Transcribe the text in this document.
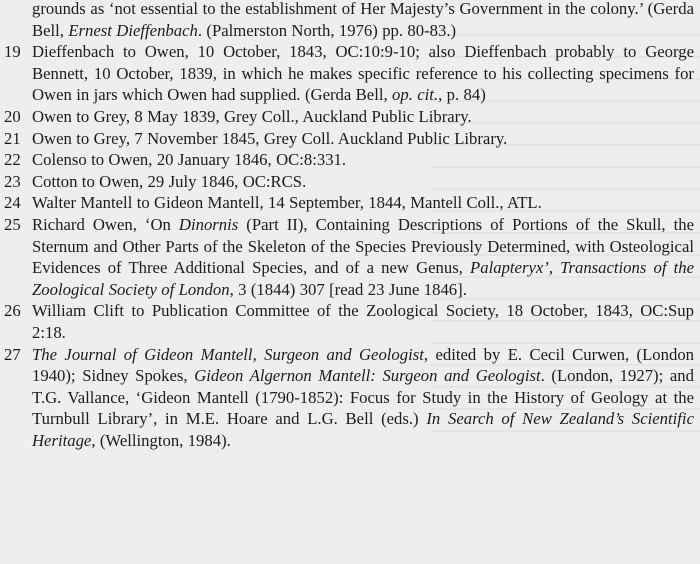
grounds as ‘not essential to the establishment of Her Majesty’s Government in the colony.’ (Gerda Bell, Ernest Dieffenbach. (Palmerston North, 1976) pp. 80-83.)
19 Dieffenbach to Owen, 10 October, 1843, OC:10:9-10; also Dieffenbach probably to George Bennett, 10 October, 1839, in which he makes specific reference to his collecting specimens for Owen in jars which Owen had supplied. (Gerda Bell, op. cit., p. 84)
20 Owen to Grey, 8 May 1839, Grey Coll., Auckland Public Library.
21 Owen to Grey, 7 November 1845, Grey Coll. Auckland Public Library.
22 Colenso to Owen, 20 January 1846, OC:8:331.
23 Cotton to Owen, 29 July 1846, OC:RCS.
24 Walter Mantell to Gideon Mantell, 14 September, 1844, Mantell Coll., ATL.
25 Richard Owen, ‘On Dinornis (Part II), Containing Descriptions of Portions of the Skull, the Sternum and Other Parts of the Skeleton of the Species Previously Determined, with Osteological Evidences of Three Additional Species, and of a new Genus, Palapteryx’, Transactions of the Zoological Society of London, 3 (1844) 307 [read 23 June 1846].
26 William Clift to Publication Committee of the Zoological Society, 18 October, 1843, OC:Sup 2:18.
27 The Journal of Gideon Mantell, Surgeon and Geologist, edited by E. Cecil Curwen, (London 1940); Sidney Spokes, Gideon Algernon Mantell: Surgeon and Geologist. (London, 1927); and T.G. Vallance, ‘Gideon Mantell (1790-1852): Focus for Study in the History of Geology at the Turnbull Library’, in M.E. Hoare and L.G. Bell (eds.) In Search of New Zealand’s Scientific Heritage, (Wellington, 1984).
